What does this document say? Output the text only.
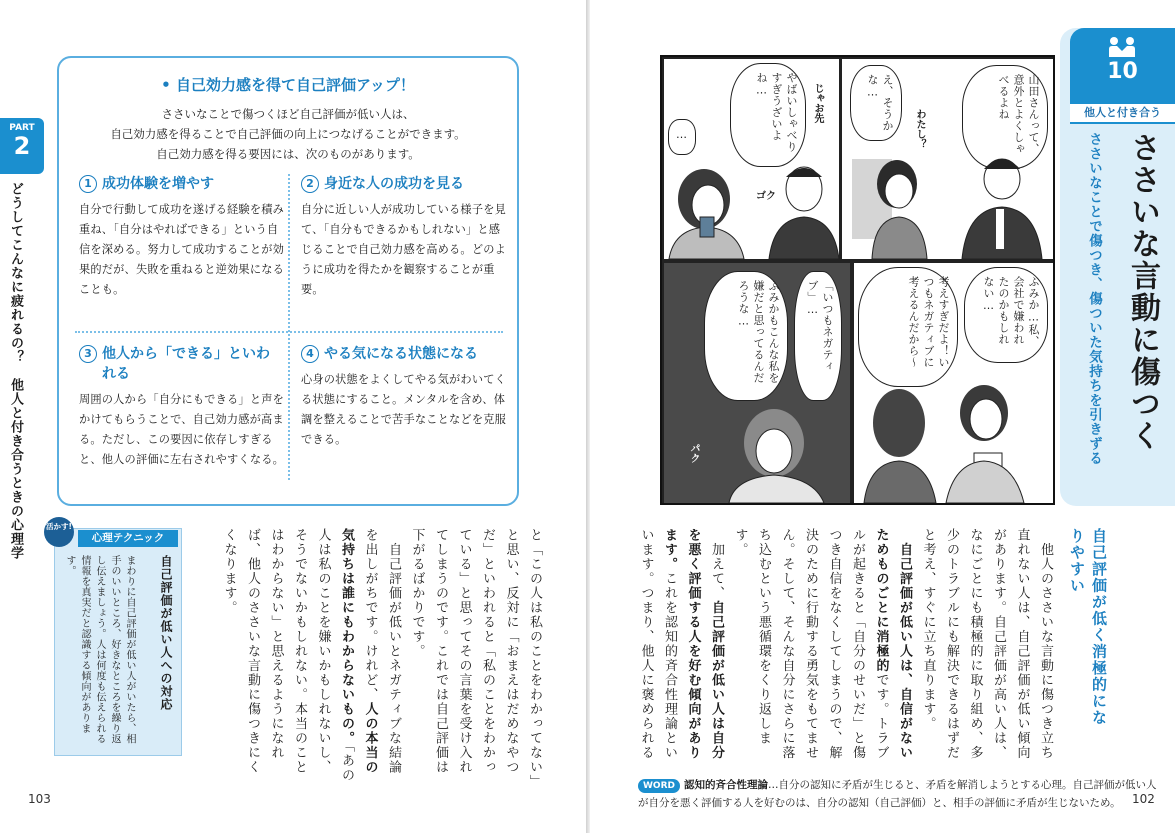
PART
2
どうしてこんなに疲れるの？　他人と付き合うときの心理学
• 自己効力感を得て自己評価アップ！
ささいなことで傷つくほど自己評価が低い人は、
自己効力感を得ることで自己評価の向上につなげることができます。
自己効力感を得る要因には、次のものがあります。
1 成功体験を増やす
自分で行動して成功を遂げる経験を積み重ね、「自分はやればできる」という自信を深める。努力して成功することが効果的だが、失敗を重ねると逆効果になることも。
2 身近な人の成功を見る
自分に近しい人が成功している様子を見て、「自分もできるかもしれない」と感じることで自己効力感を高める。どのように成功を得たかを観察することが重要。
3 他人から「できる」といわれる
周囲の人から「自分にもできる」と声をかけてもらうことで、自己効力感が高まる。ただし、この要因に依存しすぎると、他人の評価に左右されやすくなる。
4 やる気になる状態になる
心身の状態をよくしてやる気がわいてくる状態にすること。メンタルを含め、体調を整えることで苦手なことなどを克服できる。
活かす!
心理テクニック
自己評価が低い人への対応
まわりに自己評価が低い人がいたら、相手のいいところ、好きなところを繰り返し伝えましょう。人は何度も伝えられる情報を真実だと認識する傾向があります。	と「この人は私のことをわかってない」と思い、反対に「おまえはだめなやつだ」といわれると「私のことをわかっている」と思ってその言葉を受け入れてしまうのです。これでは自己評価は下がるばかりです。

　自己評価が低いとネガティブな結論を出しがちです。けれど、人の本当の気持ちは誰にもわからないもの。「あの人は私のことを嫌いかもしれないし、そうでないかもしれない。本当のことはわからない」と思えるようになれば、他人のささいな言動に傷つきにくくなります。

103
10
他人と付き合う
ささいな言動に傷つく
ささいなことで傷つき、傷ついた気持ちを引きずる
山田さんって、意外とよくしゃべるよね
え、そうかな…
わたし？
やばいしゃべりすぎうざいよね…
…
じゃお先
ゴク
ふみか…私、会社で嫌われたのかもしれない…
考えすぎだよ！いつもネガティブに考えるんだから〜
「いつもネガティブ」…
ふみかもこんな私を嫌だと思ってるんだろうな…
パク
自己評価が低く消極的になりやすい

　他人のささいな言動に傷つき立ち直れない人は、自己評価が低い傾向があります。自己評価が高い人は、なにごとにも積極的に取り組め、多少のトラブルにも解決できるはずだと考え、すぐに立ち直ります。

　自己評価が低い人は、自信がないためものごとに消極的です。トラブルが起きると「自分のせいだ」と傷つき自信をなくしてしまうので、解決のために行動する勇気をもてません。そして、そんな自分にさらに落ち込むという悪循環をくり返します。

　加えて、自己評価が低い人は自分を悪く評価する人を好む傾向があります。これを認知的斉合性理論といいます。つまり、他人に褒められる

WORD 認知的斉合性理論…自分の認知に矛盾が生じると、矛盾を解消しようとする心理。自己評価が低い人が自分を悪く評価する人を好むのは、自分の認知（自己評価）と、相手の評価に矛盾が生じないため。 102
